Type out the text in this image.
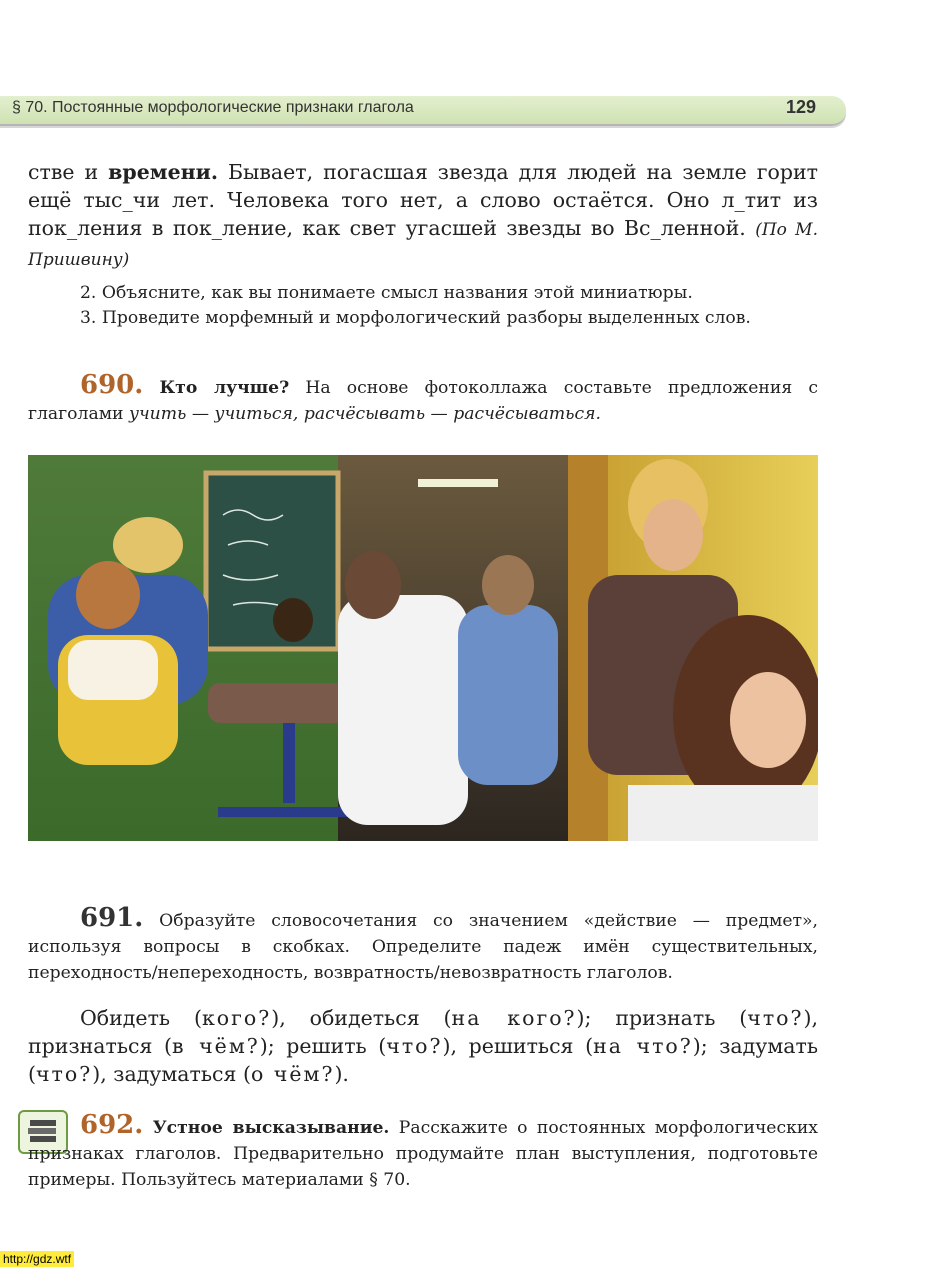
§ 70. Постоянные морфологические признаки глагола	129
стве и времени. Бывает, погасшая звезда для людей на земле горит ещё тыс_чи лет. Человека того нет, а слово остаётся. Оно л_тит из пок_ления в пок_ление, как свет угасшей звезды во Вс_ленной. (По М. Пришвину)
2. Объясните, как вы понимаете смысл названия этой миниатюры.
3. Проведите морфемный и морфологический разборы выделенных слов.
690. Кто лучше? На основе фотоколлажа составьте предложения с глаголами учить — учиться, расчёсывать — расчёсываться.
691. Образуйте словосочетания со значением «действие — предмет», используя вопросы в скобках. Определите падеж имён существительных, переходность/непереходность, возвратность/невозвратность глаголов.
Обидеть (кого?), обидеться (на кого?); признать (что?), признаться (в чём?); решить (что?), решиться (на что?); задумать (что?), задуматься (о чём?).
692. Устное высказывание. Расскажите о постоянных морфологических признаках глаголов. Предварительно продумайте план выступления, подготовьте примеры. Пользуйтесь материалами § 70.
http://gdz.wtf
